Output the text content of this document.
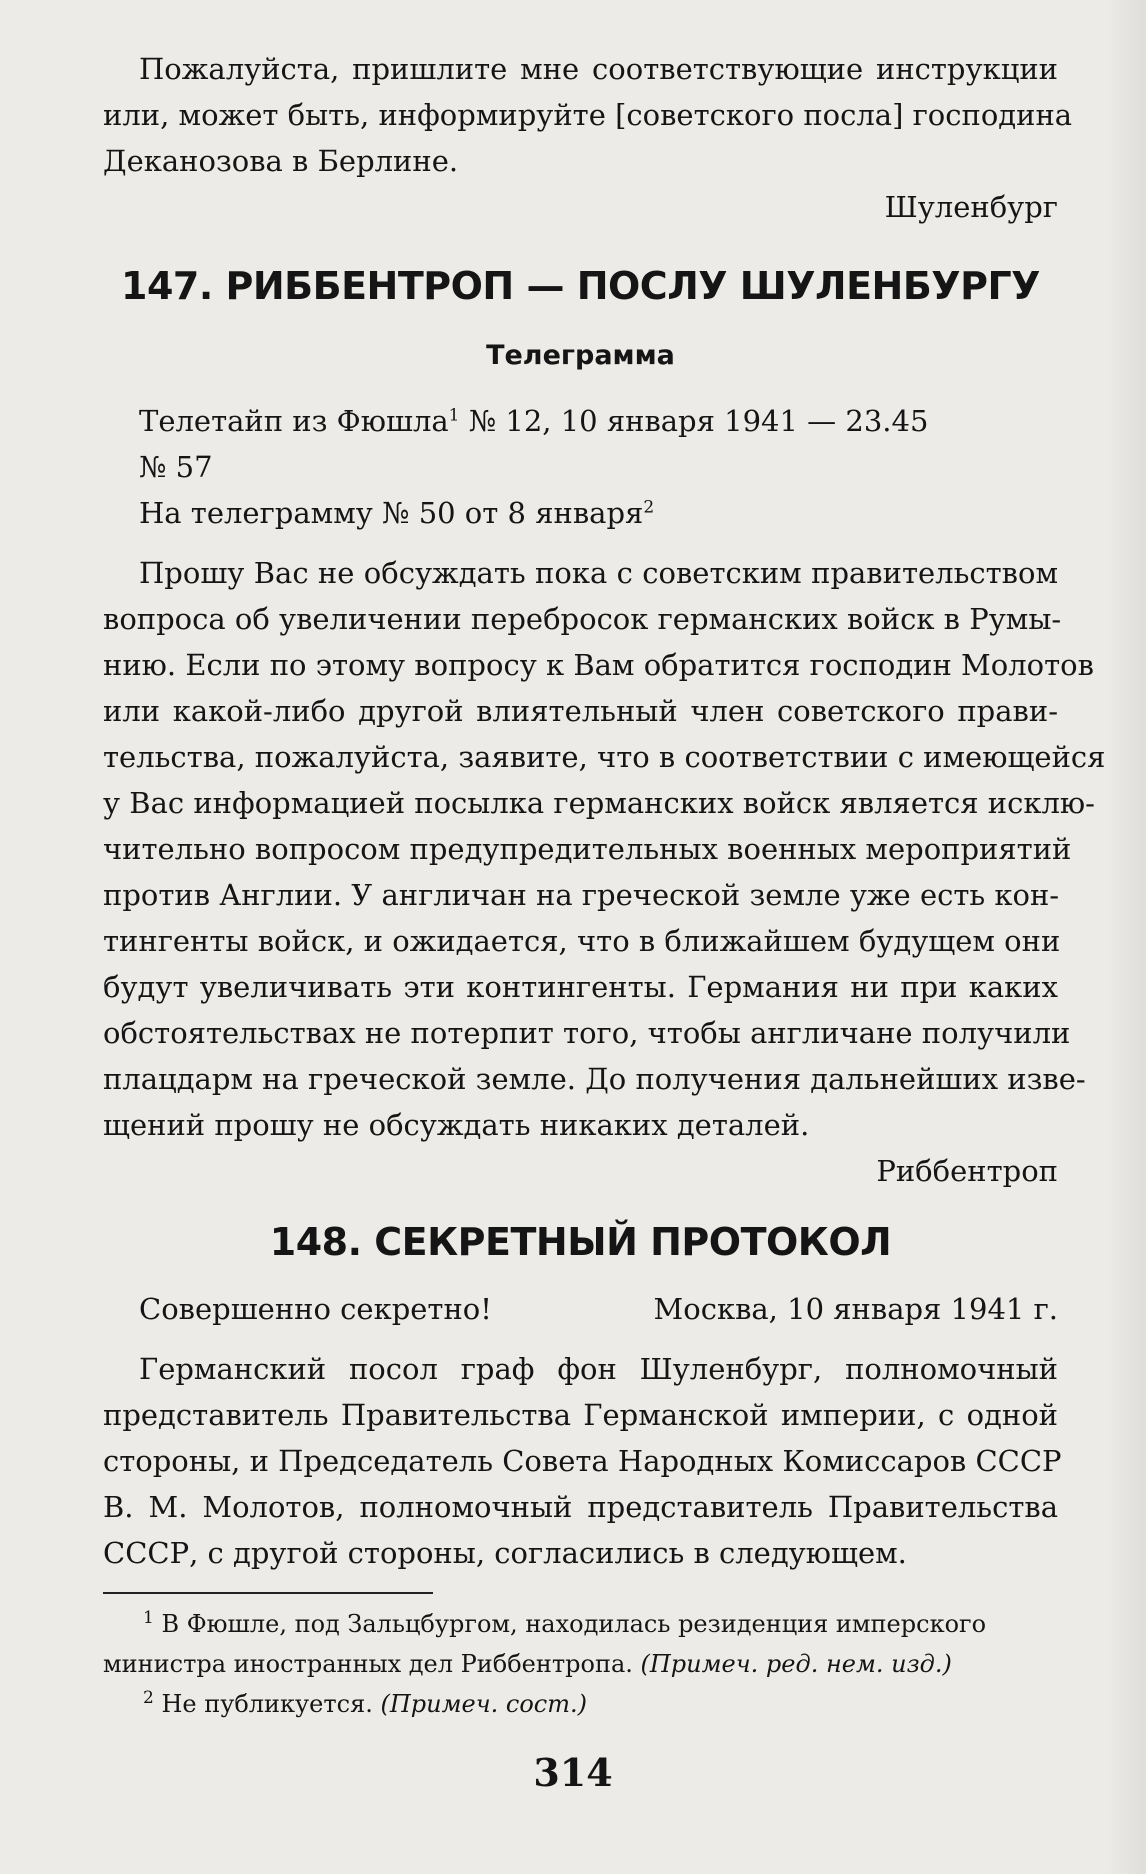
Пожалуйста, пришлите мне соответствующие инструкции
или, может быть, информируйте [советского посла] господина
Деканозова в Берлине.
Шуленбург
147. РИББЕНТРОП — ПОСЛУ ШУЛЕНБУРГУ
Телеграмма
Телетайп из Фюшла$^1$ № 12, 10 января 1941 — 23.45
№ 57
На телеграмму № 50 от 8 января$^2$
Прошу Вас не обсуждать пока с советским правительством
вопроса об увеличении перебросок германских войск в Румы-
нию. Если по этому вопросу к Вам обратится господин Молотов
или какой-либо другой влиятельный член советского прави-
тельства, пожалуйста, заявите, что в соответствии с имеющейся
у Вас информацией посылка германских войск является исклю-
чительно вопросом предупредительных военных мероприятий
против Англии. У англичан на греческой земле уже есть кон-
тингенты войск, и ожидается, что в ближайшем будущем они
будут увеличивать эти контингенты. Германия ни при каких
обстоятельствах не потерпит того, чтобы англичане получили
плацдарм на греческой земле. До получения дальнейших изве-
щений прошу не обсуждать никаких деталей.
Риббентроп
148. СЕКРЕТНЫЙ ПРОТОКОЛ
Совершенно секретно!	Москва, 10 января 1941 г.
Германский посол граф фон Шуленбург, полномочный
представитель Правительства Германской империи, с одной
стороны, и Председатель Совета Народных Комиссаров СССР
В. М. Молотов, полномочный представитель Правительства
СССР, с другой стороны, согласились в следующем.
$^1$ В Фюшле, под Зальцбургом, находилась резиденция имперского
министра иностранных дел Риббентропа. (Примеч. ред. нем. изд.)
$^2$ Не публикуется. (Примеч. сост.)
314
